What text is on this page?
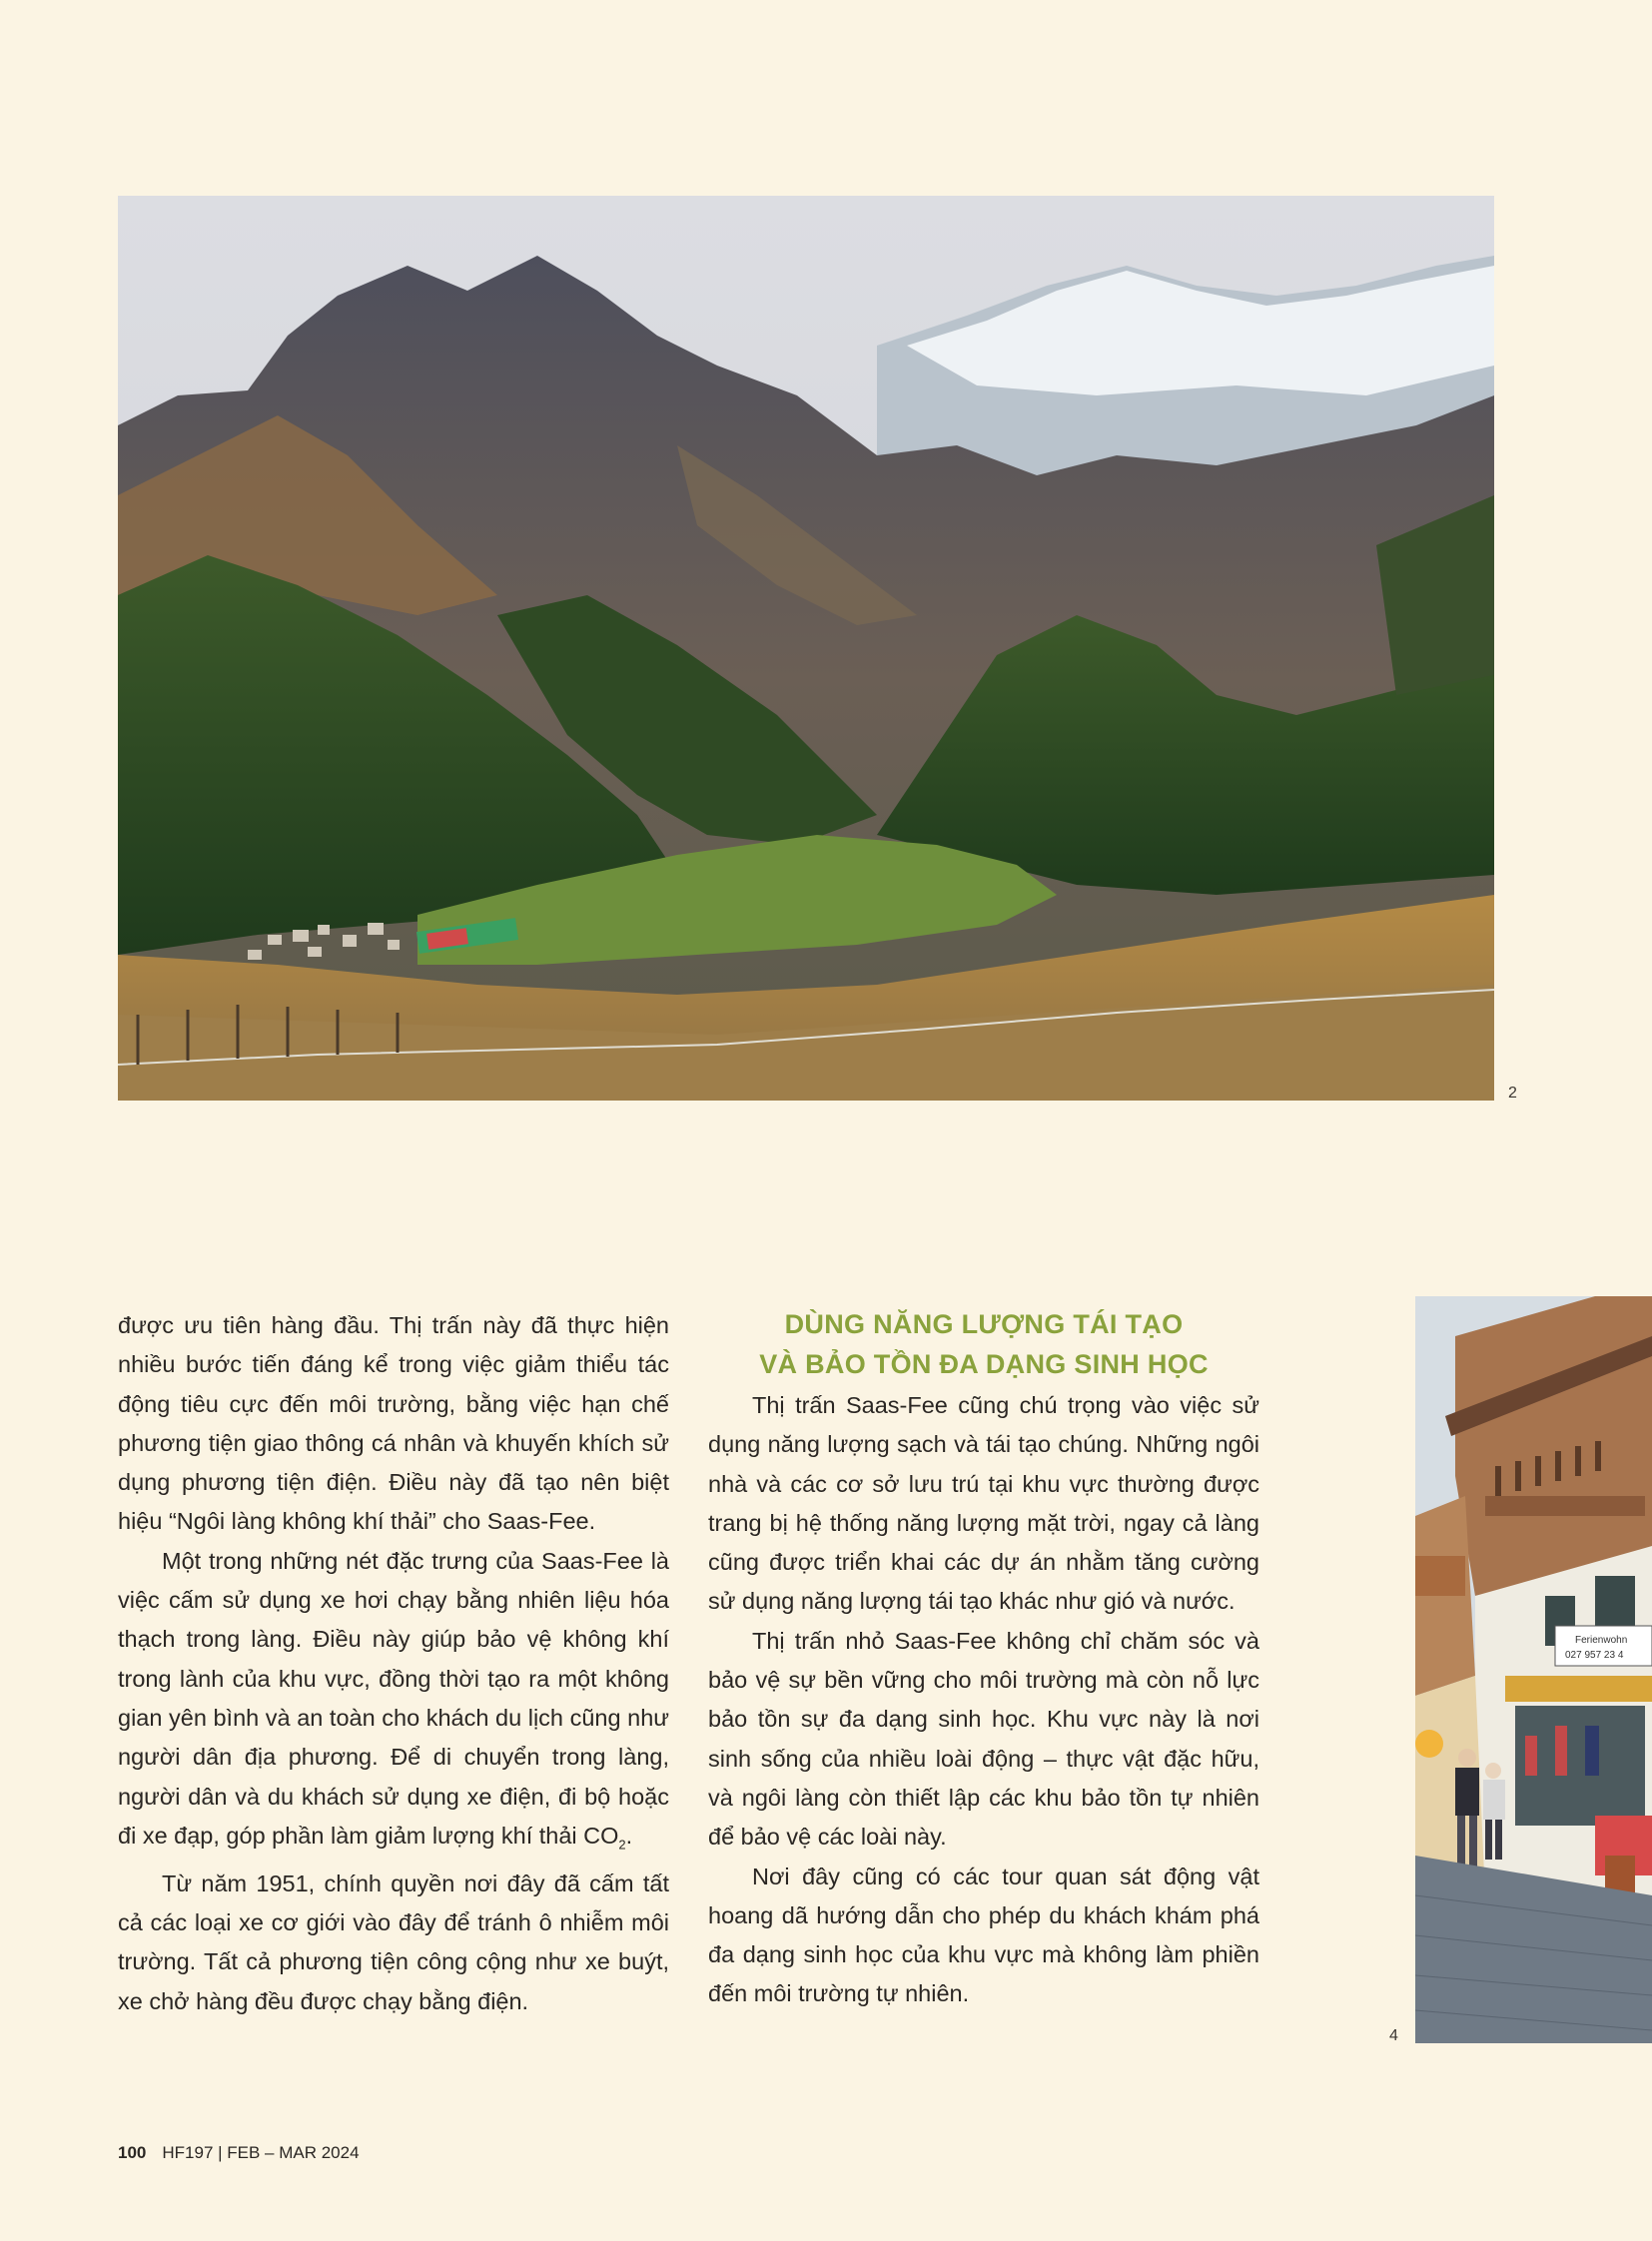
2

được ưu tiên hàng đầu. Thị trấn này đã thực hiện nhiều bước tiến đáng kể trong việc giảm thiểu tác động tiêu cực đến môi trường, bằng việc hạn chế phương tiện giao thông cá nhân và khuyến khích sử dụng phương tiện điện. Điều này đã tạo nên biệt hiệu “Ngôi làng không khí thải” cho Saas-Fee.

Một trong những nét đặc trưng của Saas-Fee là việc cấm sử dụng xe hơi chạy bằng nhiên liệu hóa thạch trong làng. Điều này giúp bảo vệ không khí trong lành của khu vực, đồng thời tạo ra một không gian yên bình và an toàn cho khách du lịch cũng như người dân địa phương. Để di chuyển trong làng, người dân và du khách sử dụng xe điện, đi bộ hoặc đi xe đạp, góp phần làm giảm lượng khí thải $CO_2$.

Từ năm 1951, chính quyền nơi đây đã cấm tất cả các loại xe cơ giới vào đây để tránh ô nhiễm môi trường. Tất cả phương tiện công cộng như xe buýt, xe chở hàng đều được chạy bằng điện.

DÙNG NĂNG LƯỢNG TÁI TẠO
VÀ BẢO TỒN ĐA DẠNG SINH HỌC

Thị trấn Saas-Fee cũng chú trọng vào việc sử dụng năng lượng sạch và tái tạo chúng. Những ngôi nhà và các cơ sở lưu trú tại khu vực thường được trang bị hệ thống năng lượng mặt trời, ngay cả làng cũng được triển khai các dự án nhằm tăng cường sử dụng năng lượng tái tạo khác như gió và nước.

Thị trấn nhỏ Saas-Fee không chỉ chăm sóc và bảo vệ sự bền vững cho môi trường mà còn nỗ lực bảo tồn sự đa dạng sinh học. Khu vực này là nơi sinh sống của nhiều loài động – thực vật đặc hữu, và ngôi làng còn thiết lập các khu bảo tồn tự nhiên để bảo vệ các loài này.

Nơi đây cũng có các tour quan sát động vật hoang dã hướng dẫn cho phép du khách khám phá đa dạng sinh học của khu vực mà không làm phiền đến môi trường tự nhiên.

Ferienwohn
027 957 23 4
4
100 HF197 | FEB – MAR 2024
